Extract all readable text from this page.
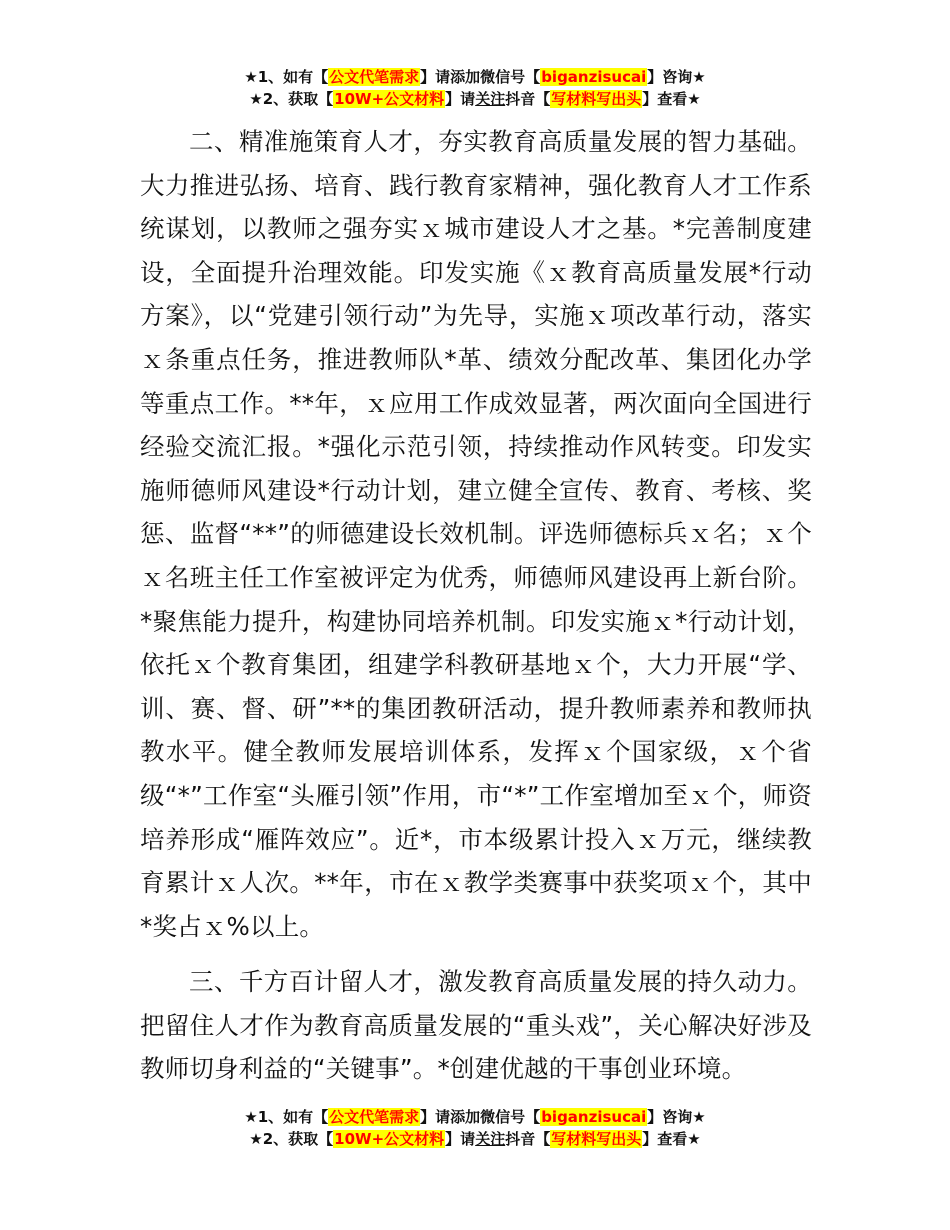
★1、如有【公文代笔需求】请添加微信号【biganzisucai】咨询★
★2、获取【10W+公文材料】请关注抖音【写材料写出头】查看★

二、精准施策育人才，夯实教育高质量发展的智力基础。大力推进弘扬、培育、践行教育家精神，强化教育人才工作系统谋划，以教师之强夯实ｘ城市建设人才之基。*完善制度建设，全面提升治理效能。印发实施《ｘ教育高质量发展*行动方案》，以“党建引领行动”为先导，实施ｘ项改革行动，落实ｘ条重点任务，推进教师队*革、绩效分配改革、集团化办学等重点工作。**年，ｘ应用工作成效显著，两次面向全国进行经验交流汇报。*强化示范引领，持续推动作风转变。印发实施师德师风建设*行动计划，建立健全宣传、教育、考核、奖惩、监督“**”的师德建设长效机制。评选师德标兵ｘ名；ｘ个ｘ名班主任工作室被评定为优秀，师德师风建设再上新台阶。*聚焦能力提升，构建协同培养机制。印发实施ｘ*行动计划，依托ｘ个教育集团，组建学科教研基地ｘ个，大力开展“学、训、赛、督、研”**的集团教研活动，提升教师素养和教师执教水平。健全教师发展培训体系，发挥ｘ个国家级，ｘ个省级“*”工作室“头雁引领”作用，市“*”工作室增加至ｘ个，师资培养形成“雁阵效应”。近*，市本级累计投入ｘ万元，继续教育累计ｘ人次。**年，市在ｘ教学类赛事中获奖项ｘ个，其中*奖占ｘ%以上。

三、千方百计留人才，激发教育高质量发展的持久动力。把留住人才作为教育高质量发展的“重头戏”，关心解决好涉及教师切身利益的“关键事”。*创建优越的干事创业环境。

★1、如有【公文代笔需求】请添加微信号【biganzisucai】咨询★
★2、获取【10W+公文材料】请关注抖音【写材料写出头】查看★
